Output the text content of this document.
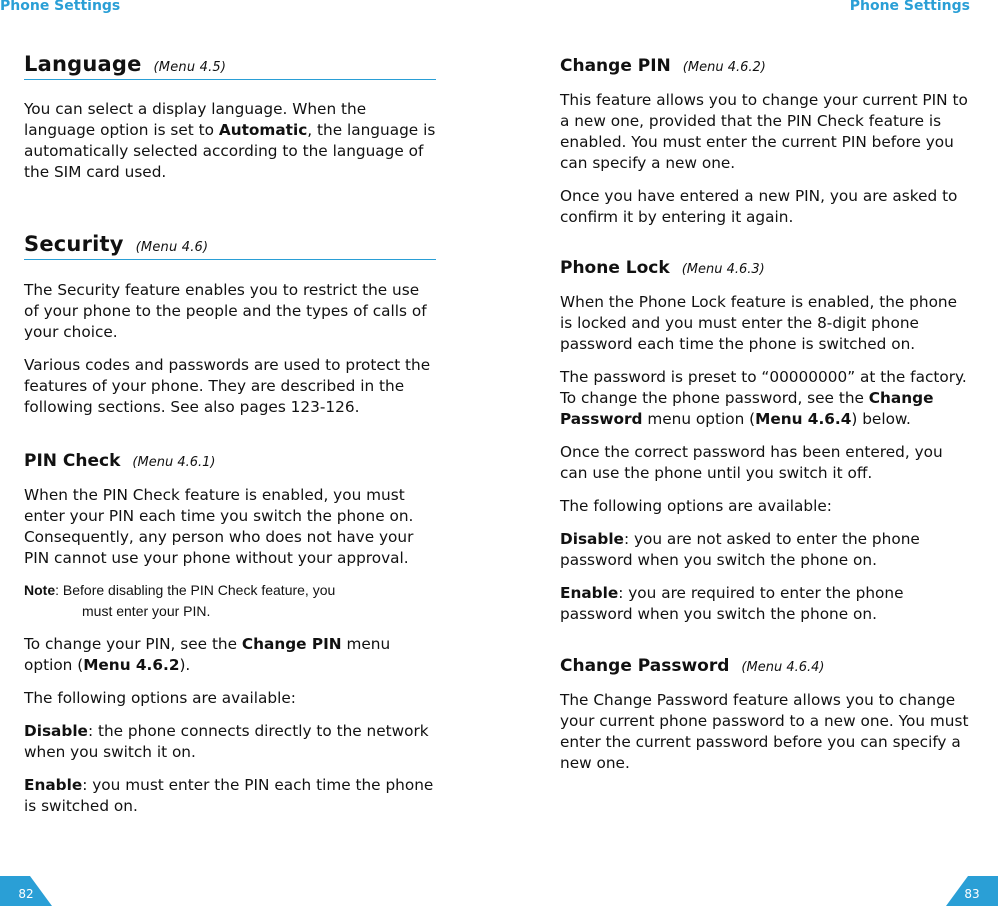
Phone Settings	Phone Settings
Language (Menu 4.5)

You can select a display language. When the language option is set to Automatic, the language is automatically selected according to the language of the SIM card used.

Security (Menu 4.6)

The Security feature enables you to restrict the use of your phone to the people and the types of calls of your choice.

Various codes and passwords are used to protect the features of your phone. They are described in the following sections. See also pages 123-126.

PIN Check (Menu 4.6.1)

When the PIN Check feature is enabled, you must enter your PIN each time you switch the phone on. Consequently, any person who does not have your PIN cannot use your phone without your approval.

Note: Before disabling the PIN Check feature, you
must enter your PIN.

To change your PIN, see the Change PIN menu option (Menu 4.6.2).

The following options are available:

Disable: the phone connects directly to the network when you switch it on.

Enable: you must enter the PIN each time the phone is switched on.

Change PIN (Menu 4.6.2)

This feature allows you to change your current PIN to a new one, provided that the PIN Check feature is enabled. You must enter the current PIN before you can specify a new one.

Once you have entered a new PIN, you are asked to confirm it by entering it again.

Phone Lock (Menu 4.6.3)

When the Phone Lock feature is enabled, the phone is locked and you must enter the 8-digit phone password each time the phone is switched on.

The password is preset to “00000000” at the factory. To change the phone password, see the Change Password menu option (Menu 4.6.4) below.

Once the correct password has been entered, you can use the phone until you switch it off.

The following options are available:

Disable: you are not asked to enter the phone password when you switch the phone on.

Enable: you are required to enter the phone password when you switch the phone on.

Change Password (Menu 4.6.4)

The Change Password feature allows you to change your current phone password to a new one. You must enter the current password before you can specify a new one.

82	83
